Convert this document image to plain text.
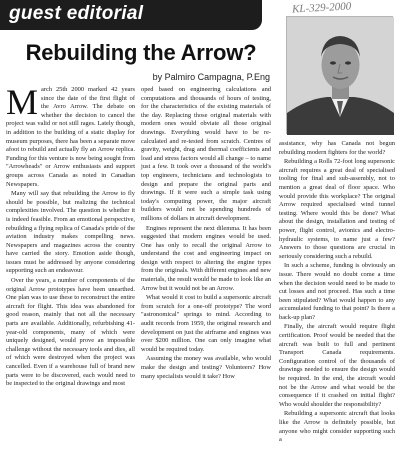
guest editorial	KL-329-2000
Rebuilding the Arrow?
by Palmiro Campagna, P.Eng

March 25th 2000 marked 42 years since the date of the first flight of the Avro Arrow. The debate on whether the decision to cancel the project was valid or not still rages. Lately though, in addition to the building of a static display for museum purposes, there has been a separate move afoot to rebuild and actually fly an Arrow replica. Funding for this venture is now being sought from "Arrowheads" or Arrow enthusiasts and support groups across Canada as noted in Canadian Newspapers.

Many will say that rebuilding the Arrow to fly should be possible, but realizing the technical complexities involved. The question is whether it is indeed feasible. From an emotional perspective, rebuilding a flying replica of Canada's pride of the aviation industry makes compelling news. Newspapers and magazines across the country have carried the story. Emotion aside though, issues must be addressed by anyone considering supporting such an endeavour.

Over the years, a number of components of the original Arrow prototypes have been unearthed. One plan was to use these to reconstruct the entire aircraft for flight. This idea was abandoned for good reason, mainly that not all the necessary parts are available. Additionally, refurbishing 41-year-old components, many of which were uniquely designed, would prove an impossible challenge without the necessary tools and dies, all of which were destroyed when the project was cancelled. Even if a warehouse full of brand new parts were to be discovered, each would need to be inspected to the original drawings and most

oped based on engineering calculations and computations and thousands of hours of testing, for the characteristics of the existing materials of the day. Replacing those original materials with modern ones would obviate all those original drawings. Everything would have to be re-calculated and re-tested from scratch. Centres of gravity, weight, drag and thermal coefficients and load and stress factors would all change – to name just a few. It took over a thousand of the world's top engineers, technicians and technologists to design and prepare the original parts and drawings. If it were such a simple task using today's computing power, the major aircraft builders would not be spending hundreds of millions of dollars in aircraft development.

Engines represent the next dilemma. It has been suggested that modern engines would be used. One has only to recall the original Arrow to understand the cost and engineering impact on design with respect to altering the engine types from the originals. With different engines and new materials, the result would be made to look like an Arrow but it would not be an Arrow.

What would it cost to build a supersonic aircraft from scratch for a one-off prototype? The word "astronomical" springs to mind. According to audit records from 1959, the original research and development on just the airframe and engines was over $200 million. One can only imagine what would be required today.

Assuming the money was available, who would make the design and testing? Volunteers? How many specialists would it take? How

assistance, why has Canada not begun rebuilding modern fighters for the world?

Rebuilding a Rolls 72-foot long supersonic aircraft requires a great deal of specialised tooling for final and sub-assembly, not to mention a great deal of floor space. Who would provide this workplace? The original Arrow required specialised wind tunnel testing. Where would this be done? What about the design, installation and testing of power, flight control, avionics and electro-hydraulic systems, to name just a few? Answers to those questions are crucial in seriously considering such a rebuild.

In such a scheme, funding is obviously an issue. There would no doubt come a time when the decision would need to be made to cut losses and not proceed. Has such a time been stipulated? What would happen to any accumulated funding to that point? Is there a back-up plan?

Finally, the aircraft would require flight certification. Proof would be needed that the aircraft was built to full and pertinent Transport Canada requirements. Configuration control of the thousands of drawings needed to ensure the design would be required. In the end, the aircraft would not be the Arrow and what would be the consequence if it crashed on initial flight? Who would shoulder the responsibility?

Rebuilding a supersonic aircraft that looks like the Arrow is definitely possible, but anyone who might consider supporting such a
